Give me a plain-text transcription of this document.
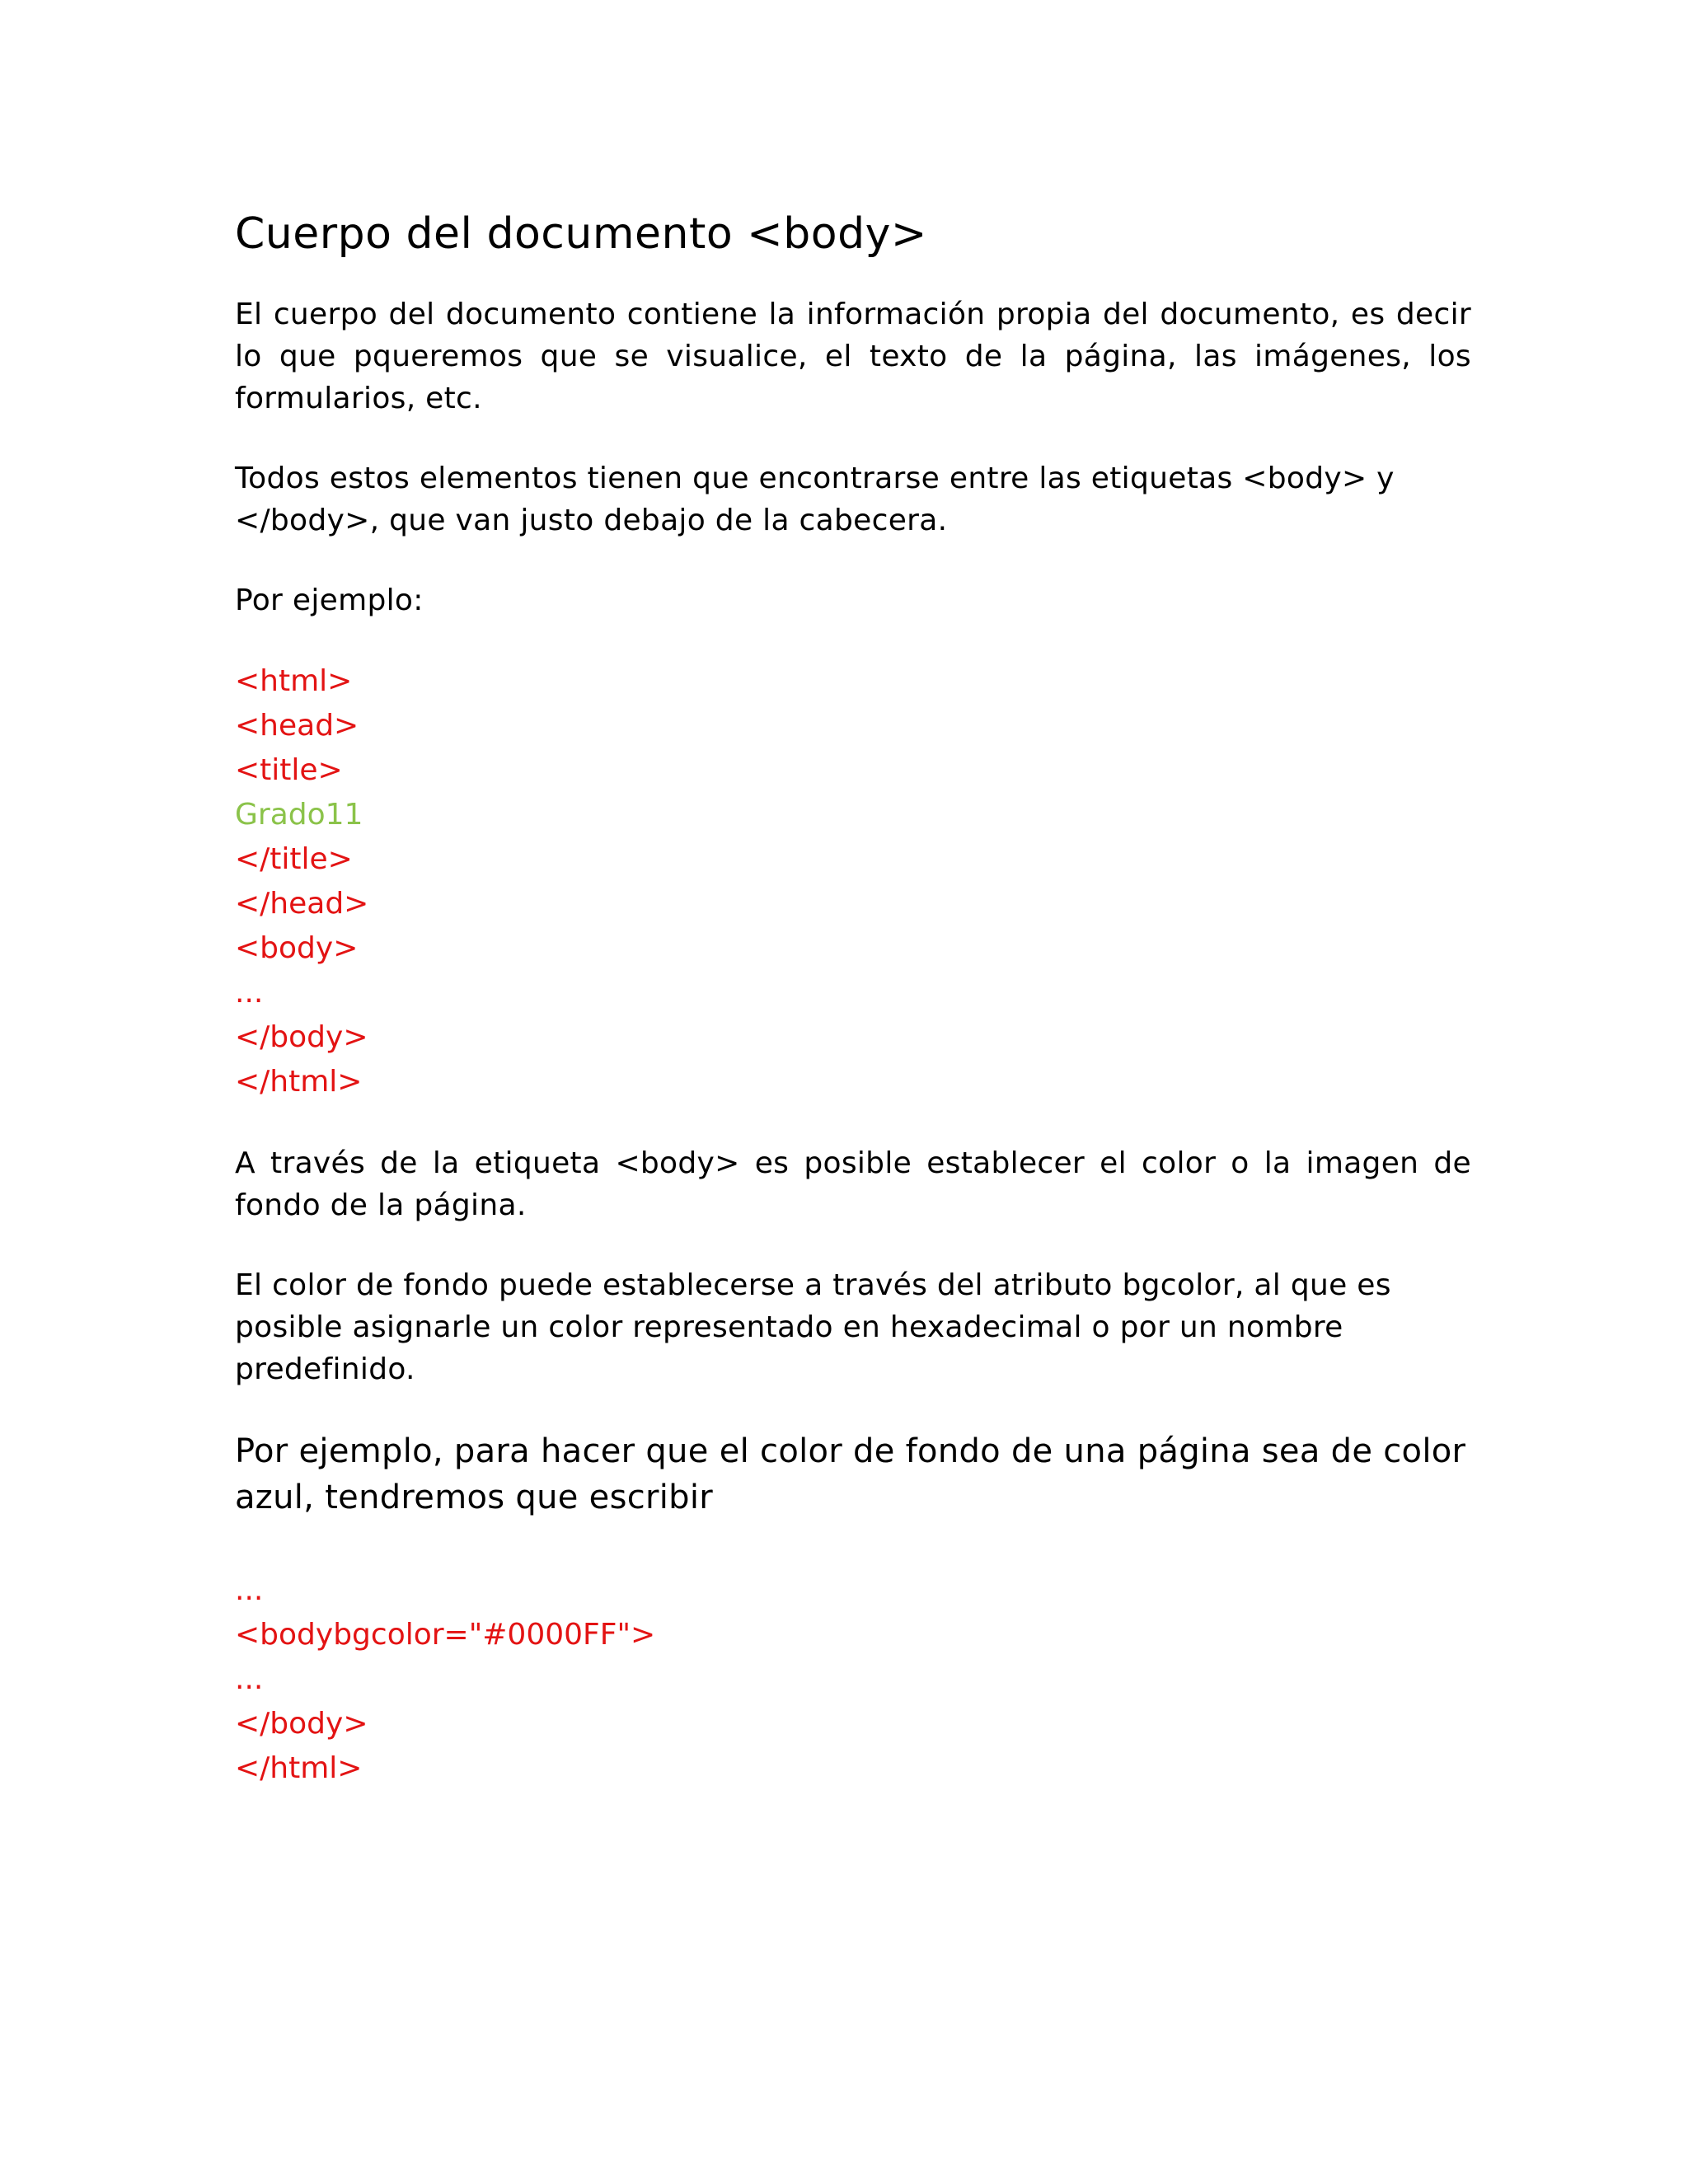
Cuerpo del documento <body>

El cuerpo del documento contiene la información propia del documento, es decir lo que pqueremos que se visualice, el texto de la página, las imágenes, los formularios, etc.

Todos estos elementos tienen que encontrarse entre las etiquetas <body> y </body>, que van justo debajo de la cabecera.

Por ejemplo:

<html>
<head>
<title>
Grado11
</title>
</head>
<body>
...
</body>
</html>

A través de la etiqueta <body> es posible establecer el color o la imagen de fondo de la página.

El color de fondo puede establecerse a través del atributo bgcolor, al que es posible asignarle un color representado en hexadecimal o por un nombre predefinido.

Por ejemplo, para hacer que el color de fondo de una página sea de color azul, tendremos que escribir

...
<bodybgcolor="#0000FF">
...
</body>
</html>
